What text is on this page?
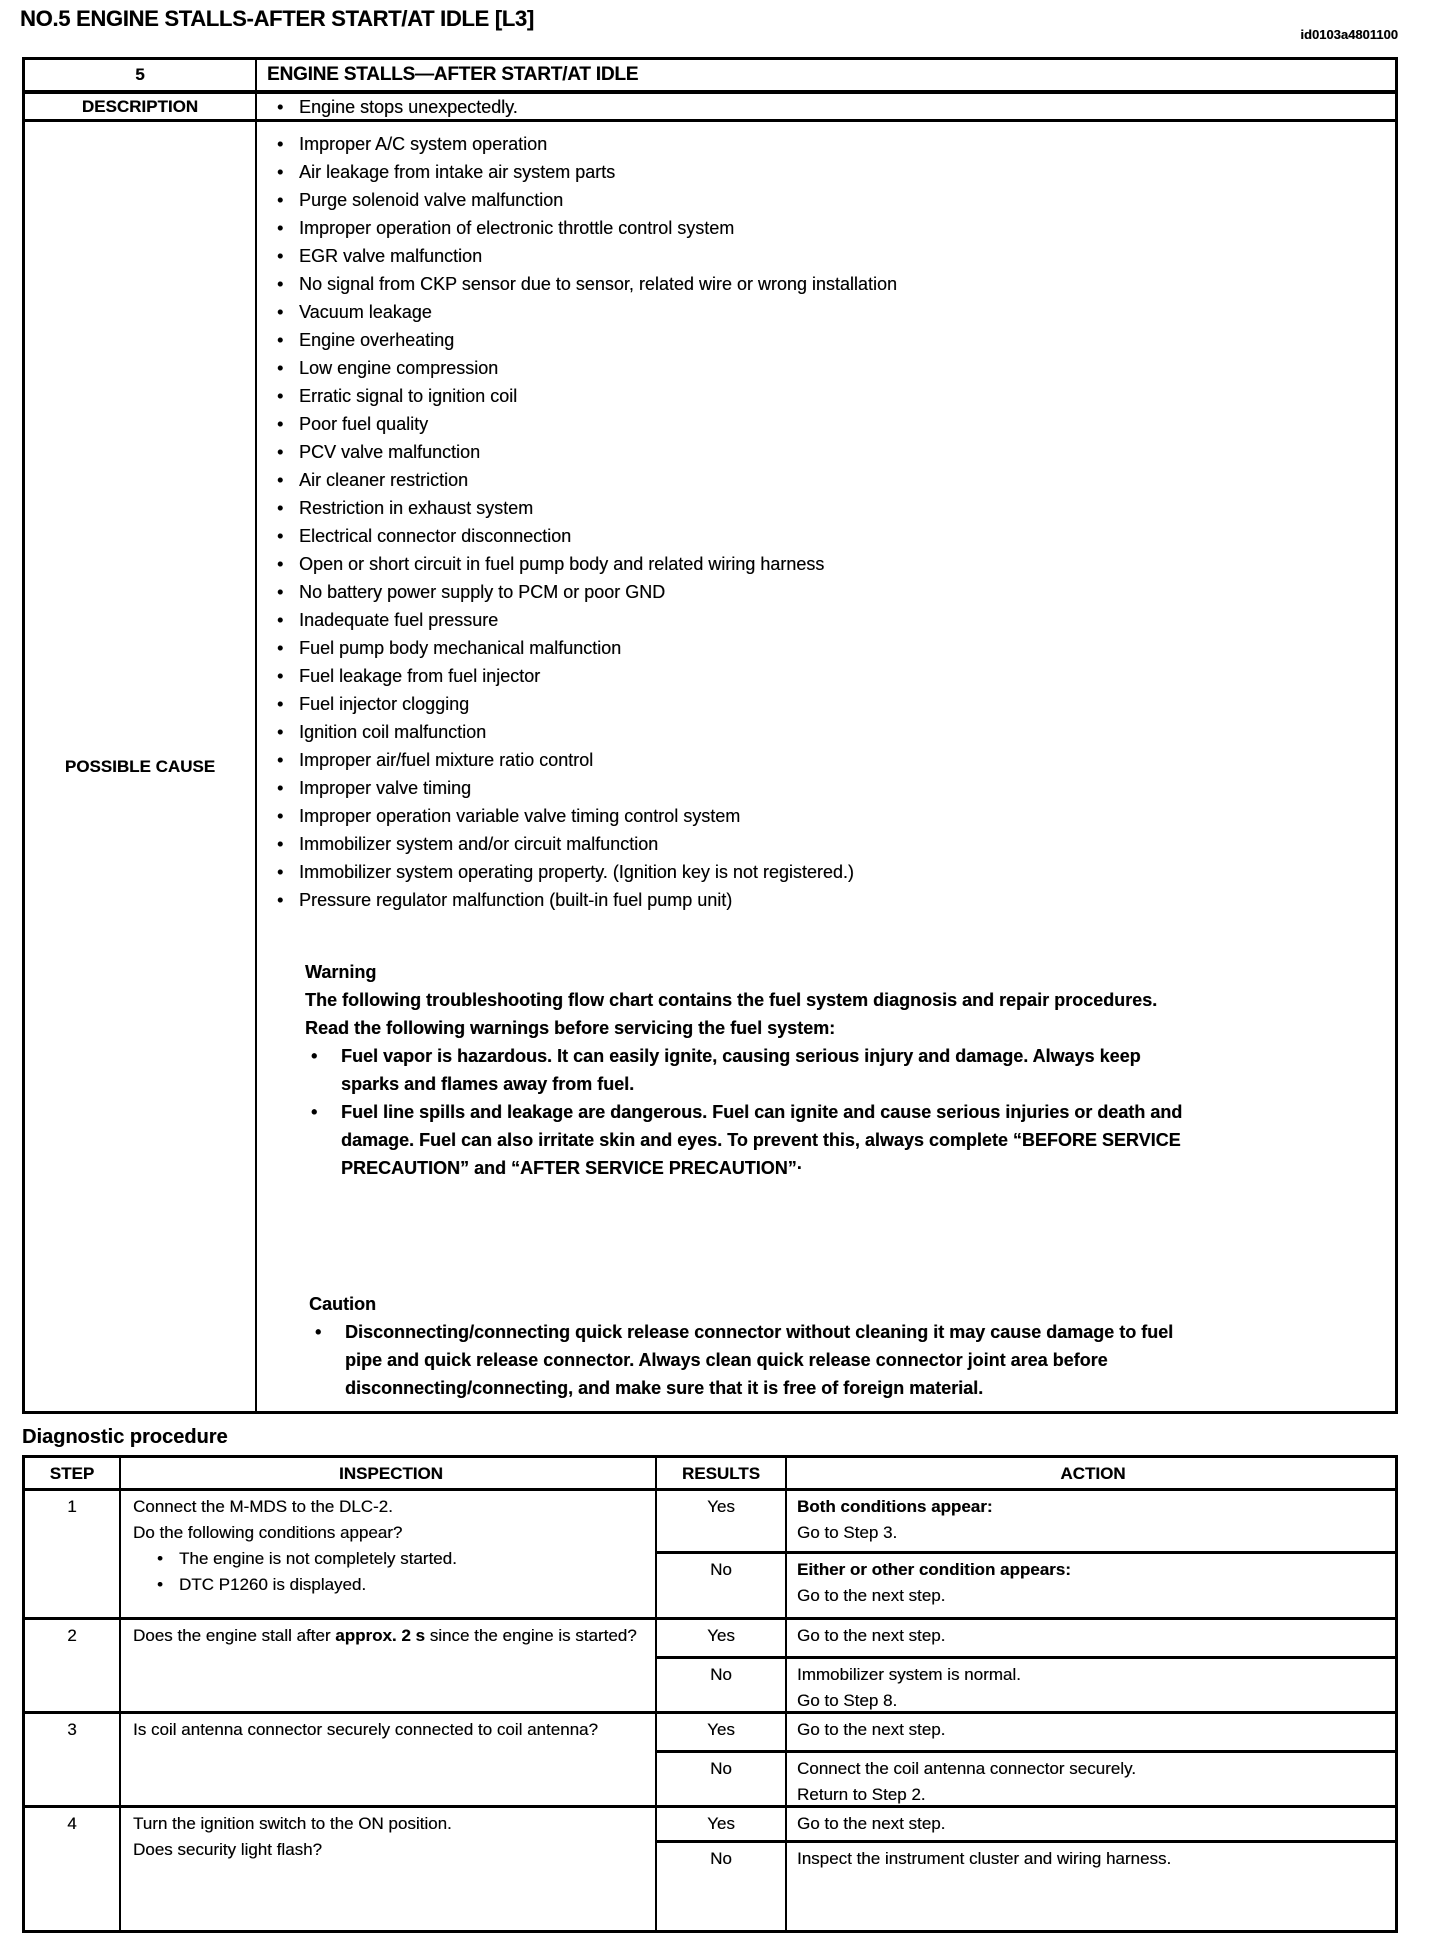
NO.5 ENGINE STALLS-AFTER START/AT IDLE [L3]
id0103a4801100
5	ENGINE STALLS—AFTER START/AT IDLE
DESCRIPTION	• Engine stops unexpectedly.
POSSIBLE CAUSE
• Improper A/C system operation
• Air leakage from intake air system parts
• Purge solenoid valve malfunction
• Improper operation of electronic throttle control system
• EGR valve malfunction
• No signal from CKP sensor due to sensor, related wire or wrong installation
• Vacuum leakage
• Engine overheating
• Low engine compression
• Erratic signal to ignition coil
• Poor fuel quality
• PCV valve malfunction
• Air cleaner restriction
• Restriction in exhaust system
• Electrical connector disconnection
• Open or short circuit in fuel pump body and related wiring harness
• No battery power supply to PCM or poor GND
• Inadequate fuel pressure
• Fuel pump body mechanical malfunction
• Fuel leakage from fuel injector
• Fuel injector clogging
• Ignition coil malfunction
• Improper air/fuel mixture ratio control
• Improper valve timing
• Improper operation variable valve timing control system
• Immobilizer system and/or circuit malfunction
• Immobilizer system operating property. (Ignition key is not registered.)
• Pressure regulator malfunction (built-in fuel pump unit)
Warning
The following troubleshooting flow chart contains the fuel system diagnosis and repair procedures. Read the following warnings before servicing the fuel system:
• Fuel vapor is hazardous. It can easily ignite, causing serious injury and damage. Always keep sparks and flames away from fuel.
• Fuel line spills and leakage are dangerous. Fuel can ignite and cause serious injuries or death and damage. Fuel can also irritate skin and eyes. To prevent this, always complete “BEFORE SERVICE PRECAUTION” and “AFTER SERVICE PRECAUTION”·
Caution
• Disconnecting/connecting quick release connector without cleaning it may cause damage to fuel pipe and quick release connector. Always clean quick release connector joint area before disconnecting/connecting, and make sure that it is free of foreign material.
Diagnostic procedure
STEP	INSPECTION	RESULTS	ACTION
1	Connect the M-MDS to the DLC-2.
Do the following conditions appear?
• The engine is not completely started.
• DTC P1260 is displayed.
Yes	Both conditions appear:
Go to Step 3.
No	Either or other condition appears:
Go to the next step.
2	Does the engine stall after approx. 2 s since the engine is started?	Yes	Go to the next step.
No	Immobilizer system is normal.
Go to Step 8.
3	Is coil antenna connector securely connected to coil antenna?	Yes	Go to the next step.
No	Connect the coil antenna connector securely.
Return to Step 2.
4	Turn the ignition switch to the ON position.
Does security light flash?
Yes	Go to the next step.
No	Inspect the instrument cluster and wiring harness.
